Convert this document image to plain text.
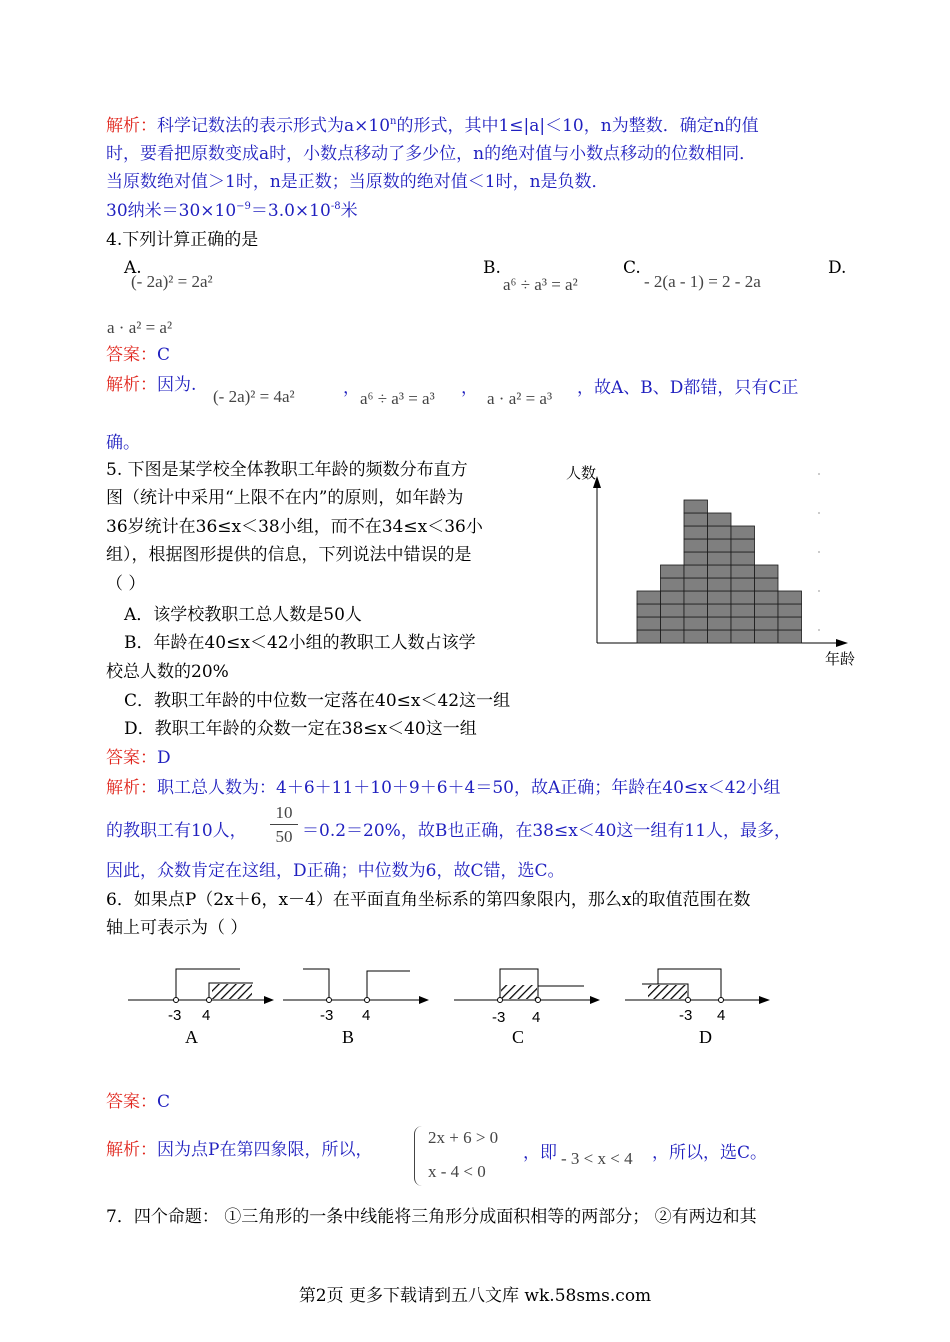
解析：科学记数法的表示形式为$a\times 10^n$的形式，其中1≤|a|＜10，n为整数．确定n的值
时，要看把原数变成a时，小数点移动了多少位，n的绝对值与小数点移动的位数相同．
当原数绝对值＞1时，n是正数；当原数的绝对值＜1时，n是负数．
30纳米$=30\times 10^{-9}=3.0\times 10^{-8}$米
4.下列计算正确的是
A.
(- 2a)² = 2a²
B.
a⁶ ÷ a³ = a²
C.
- 2(a - 1) = 2 - 2a
D.
a · a² = a²
答案：C
解析：因为.
(- 2a)² = 4a²	，
a⁶ ÷ a³ = a³
，
a · a² = a³
，故A、B、D都错，只有C正
确。
5. 下图是某学校全体教职工年龄的频数分布直方
图（统计中采用“上限不在内”的原则，如年龄为
36岁统计在36≤x＜38小组，而不在34≤x＜36小
组），根据图形提供的信息，下列说法中错误的是
（ ）
A．该学校教职工总人数是50人
B．年龄在40≤x＜42小组的教职工人数占该学
校总人数的20%
C．教职工年龄的中位数一定落在40≤x＜42这一组
D．教职工年龄的众数一定在38≤x＜40这一组
人数
年龄
答案：D
解析：职工总人数为：4＋6＋11＋10＋9＋6＋4＝50，故A正确；年龄在40≤x＜42小组
的教职工有10人， $\frac{10}{50} =0.2=20\%$，故B也正确，在38≤x＜40这一组有11人，最多，
因此，众数肯定在这组，D正确；中位数为6，故C错，选C。
6．如果点P（2x＋6，x－4）在平面直角坐标系的第四象限内，那么x的取值范围在数
轴上可表示为（ ）
-3 4
A
-3 4
B
-3 4
C
-3 4
D
答案：C
解析：因为点P在第四象限，所以，
2x + 6 > 0
x - 4 < 0
，即 - 3 < x < 4 ，所以，选C。
7．四个命题： ①三角形的一条中线能将三角形分成面积相等的两部分； ②有两边和其
第2页 更多下载请到五八文库 wk.58sms.com
